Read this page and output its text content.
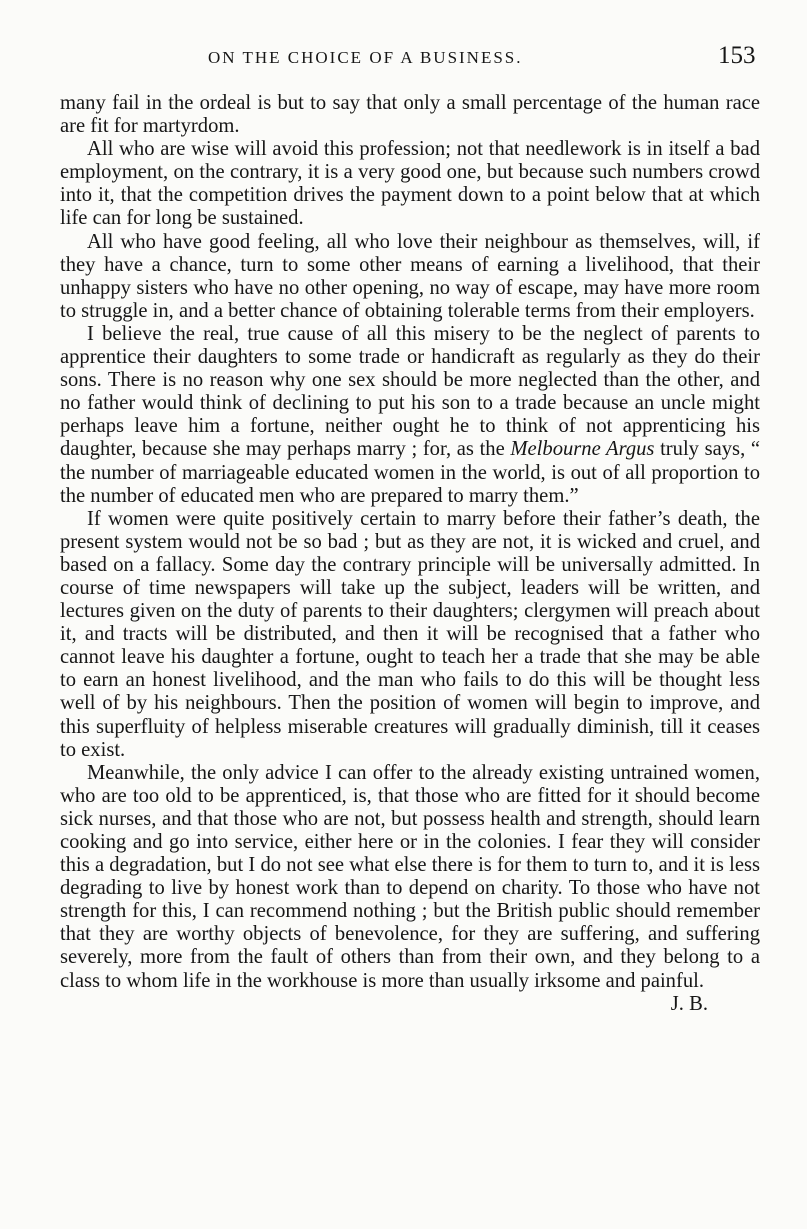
ON THE CHOICE OF A BUSINESS.	153

many fail in the ordeal is but to say that only a small percentage of the human race are fit for martyrdom.

All who are wise will avoid this profession; not that needlework is in itself a bad employment, on the contrary, it is a very good one, but because such numbers crowd into it, that the competition drives the payment down to a point below that at which life can for long be sustained.

All who have good feeling, all who love their neighbour as themselves, will, if they have a chance, turn to some other means of earning a livelihood, that their unhappy sisters who have no other opening, no way of escape, may have more room to struggle in, and a better chance of obtaining tolerable terms from their employers.

I believe the real, true cause of all this misery to be the neglect of parents to apprentice their daughters to some trade or handicraft as regularly as they do their sons. There is no reason why one sex should be more neglected than the other, and no father would think of declining to put his son to a trade because an uncle might perhaps leave him a fortune, neither ought he to think of not apprenticing his daughter, because she may perhaps marry ; for, as the Melbourne Argus truly says, “ the number of marriageable educated women in the world, is out of all proportion to the number of educated men who are prepared to marry them.”

If women were quite positively certain to marry before their father’s death, the present system would not be so bad ; but as they are not, it is wicked and cruel, and based on a fallacy. Some day the contrary principle will be universally admitted. In course of time newspapers will take up the subject, leaders will be written, and lectures given on the duty of parents to their daughters; clergymen will preach about it, and tracts will be distributed, and then it will be recognised that a father who cannot leave his daughter a fortune, ought to teach her a trade that she may be able to earn an honest livelihood, and the man who fails to do this will be thought less well of by his neighbours. Then the position of women will begin to improve, and this superfluity of helpless miserable creatures will gradually diminish, till it ceases to exist.

Meanwhile, the only advice I can offer to the already existing untrained women, who are too old to be apprenticed, is, that those who are fitted for it should become sick nurses, and that those who are not, but possess health and strength, should learn cooking and go into service, either here or in the colonies. I fear they will consider this a degradation, but I do not see what else there is for them to turn to, and it is less degrading to live by honest work than to depend on charity. To those who have not strength for this, I can recommend nothing ; but the British public should remember that they are worthy objects of benevolence, for they are suffering, and suffering severely, more from the fault of others than from their own, and they belong to a class to whom life in the workhouse is more than usually irksome and painful.
J. B.
